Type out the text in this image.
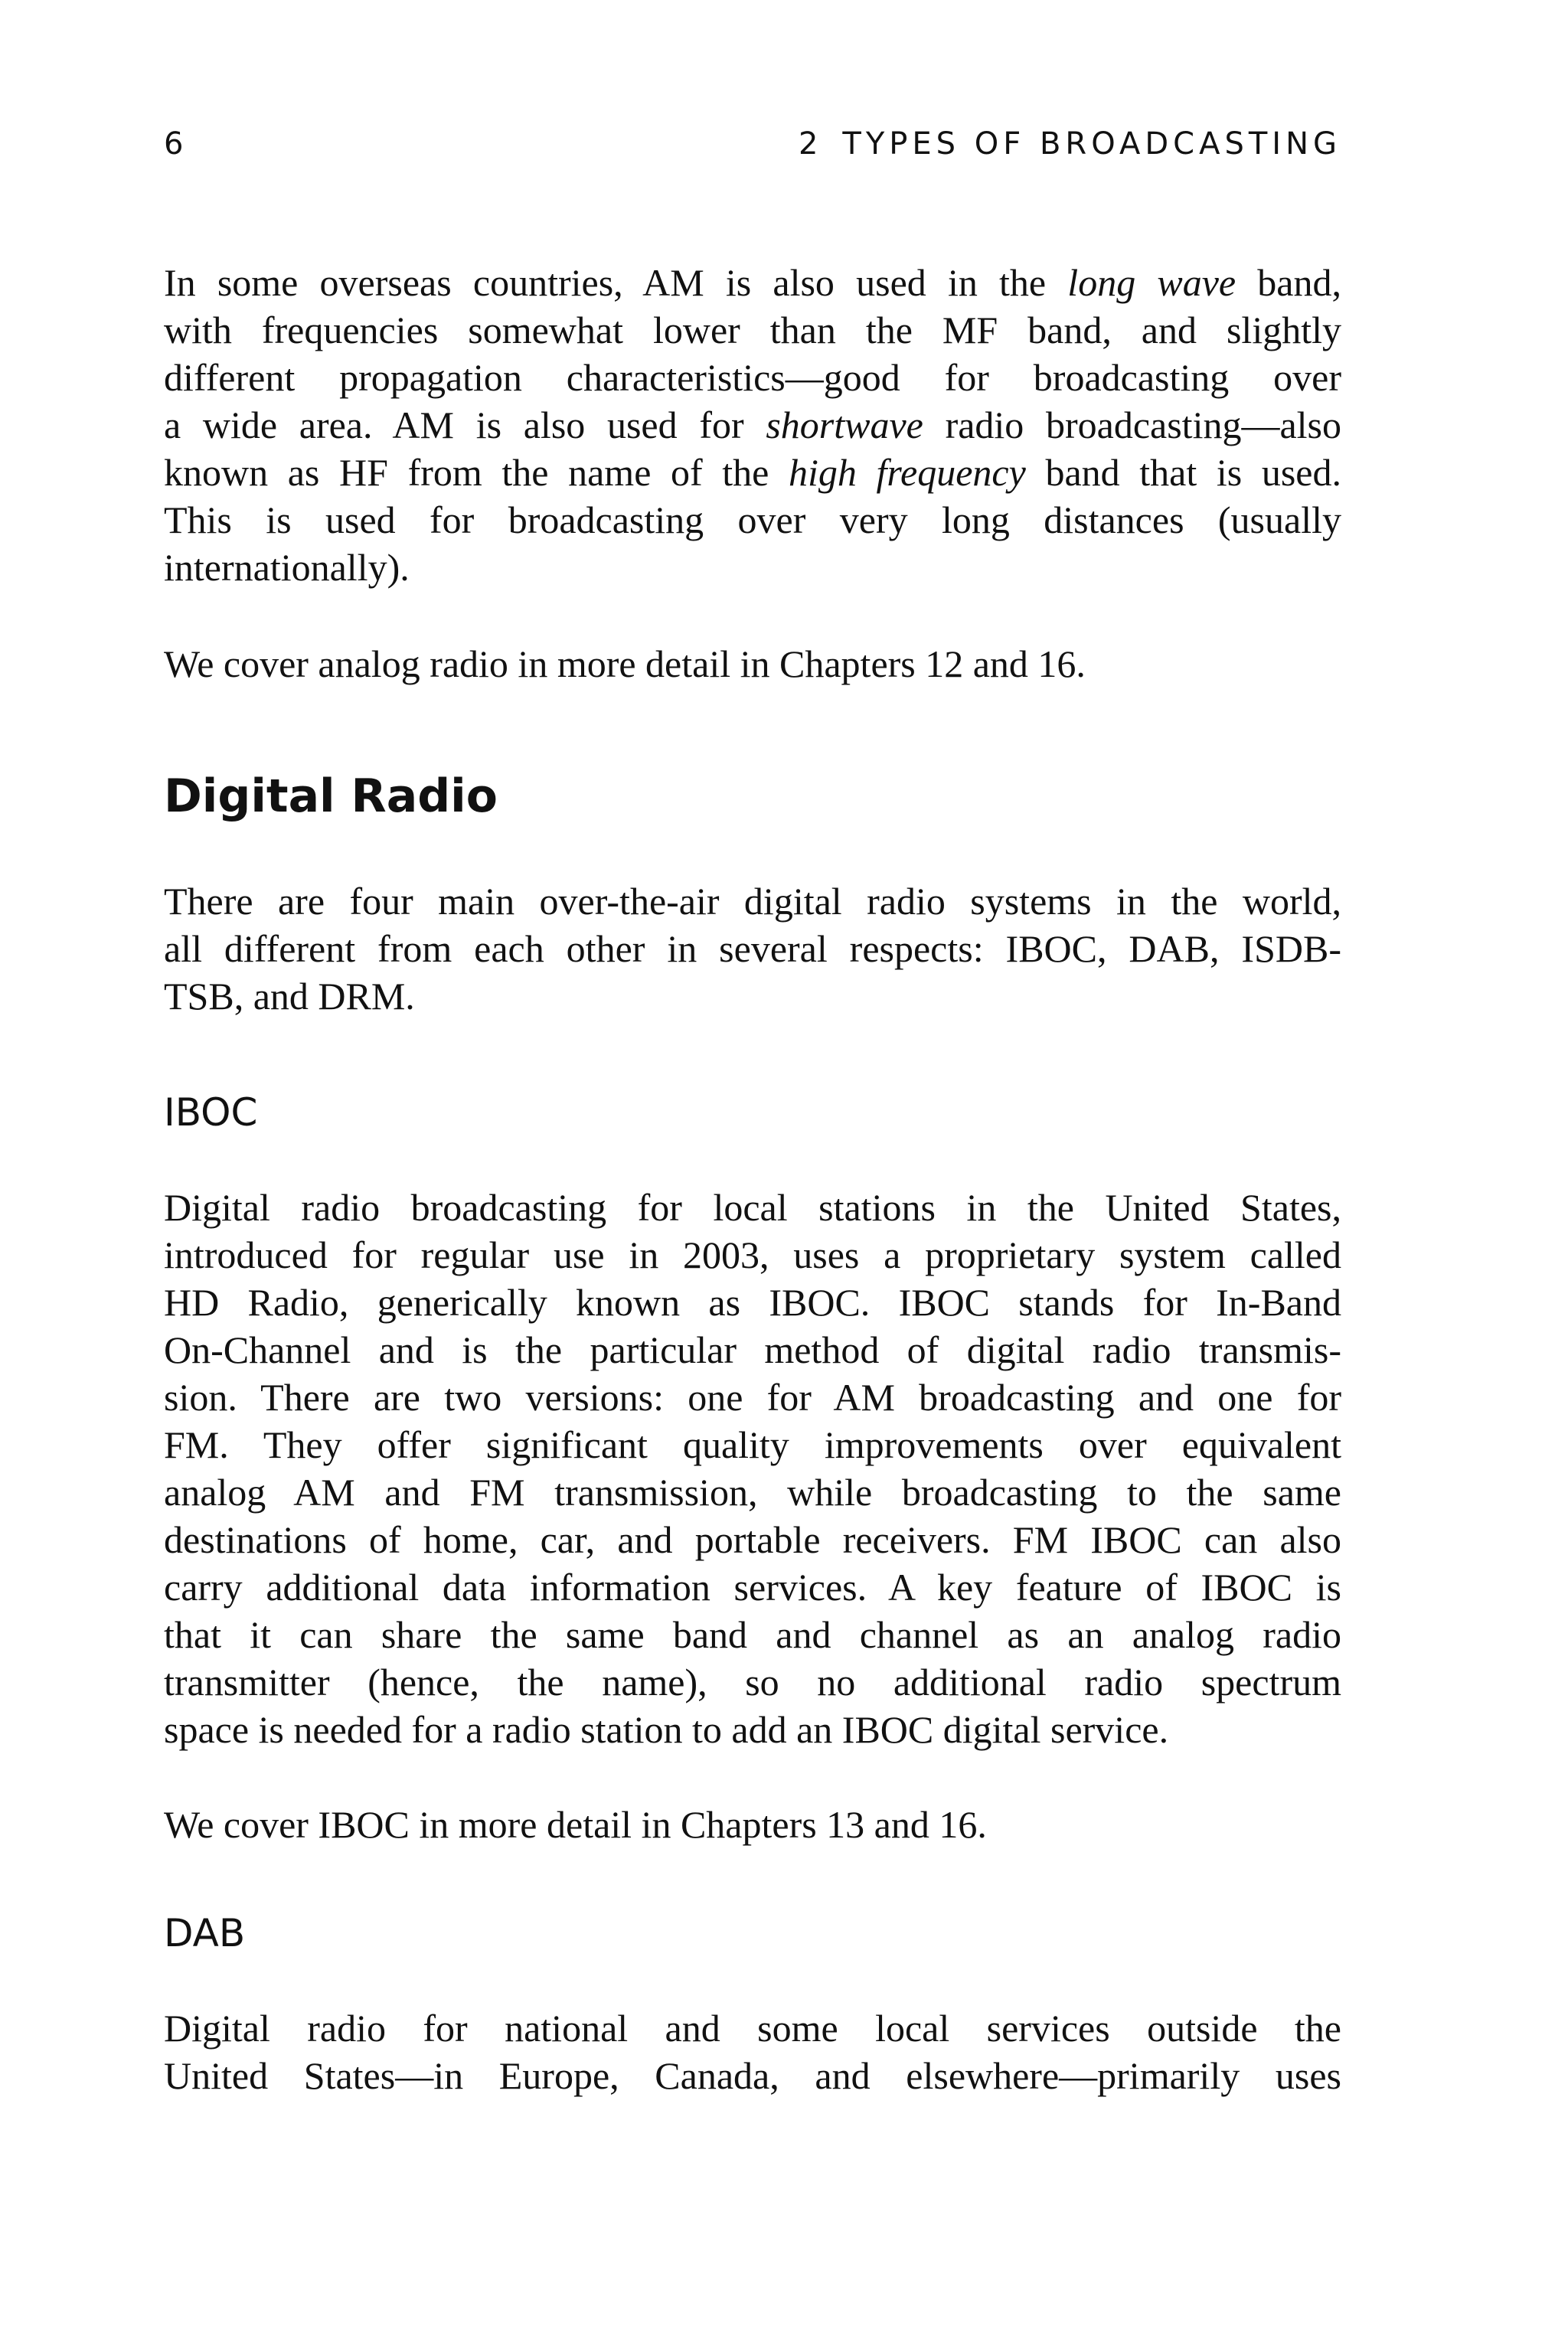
6	2 TYPES OF BROADCASTING

In some overseas countries, AM is also used in the long wave band,
with frequencies somewhat lower than the MF band, and slightly
different propagation characteristics—good for broadcasting over
a wide area. AM is also used for shortwave radio broadcasting—also
known as HF from the name of the high frequency band that is used.
This is used for broadcasting over very long distances (usually
internationally).

We cover analog radio in more detail in Chapters 12 and 16.

Digital Radio

There are four main over-the-air digital radio systems in the world,
all different from each other in several respects: IBOC, DAB, ISDB-
TSB, and DRM.

IBOC

Digital radio broadcasting for local stations in the United States,
introduced for regular use in 2003, uses a proprietary system called
HD Radio, generically known as IBOC. IBOC stands for In-Band
On-Channel and is the particular method of digital radio transmis-
sion. There are two versions: one for AM broadcasting and one for
FM. They offer significant quality improvements over equivalent
analog AM and FM transmission, while broadcasting to the same
destinations of home, car, and portable receivers. FM IBOC can also
carry additional data information services. A key feature of IBOC is
that it can share the same band and channel as an analog radio
transmitter (hence, the name), so no additional radio spectrum
space is needed for a radio station to add an IBOC digital service.

We cover IBOC in more detail in Chapters 13 and 16.

DAB

Digital radio for national and some local services outside the
United States—in Europe, Canada, and elsewhere—primarily uses
